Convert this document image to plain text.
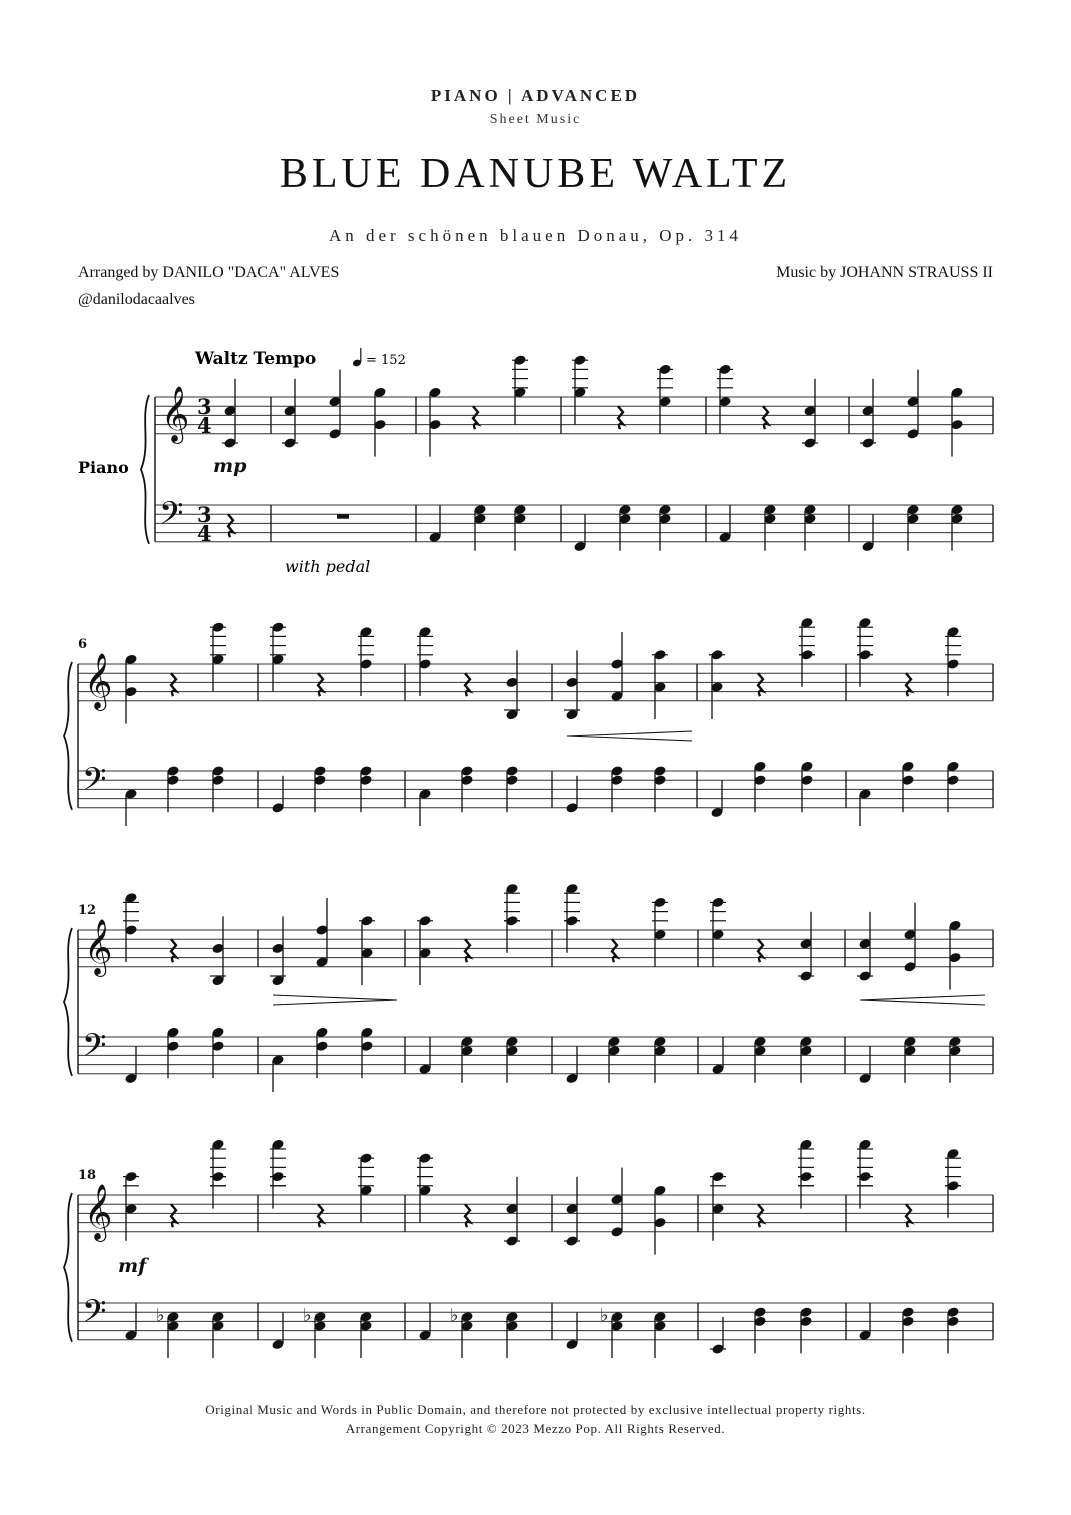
PIANO | ADVANCED
Sheet Music
BLUE DANUBE WALTZ
An der schönen blauen Donau, Op. 314
Arranged by DANILO "DACA" ALVES
@danilodacaalves
Music by JOHANN STRAUSS II
Waltz Tempo	= 152
Piano
with pedal
𝄞
𝄢
3
4
3
4
mp
𝄞
𝄢
6
𝄞
𝄢
12
𝄞
𝄢
18
mf
♭	♭	♭	♭
Original Music and Words in Public Domain, and therefore not protected by exclusive intellectual property rights.
Arrangement Copyright © 2023 Mezzo Pop. All Rights Reserved.
